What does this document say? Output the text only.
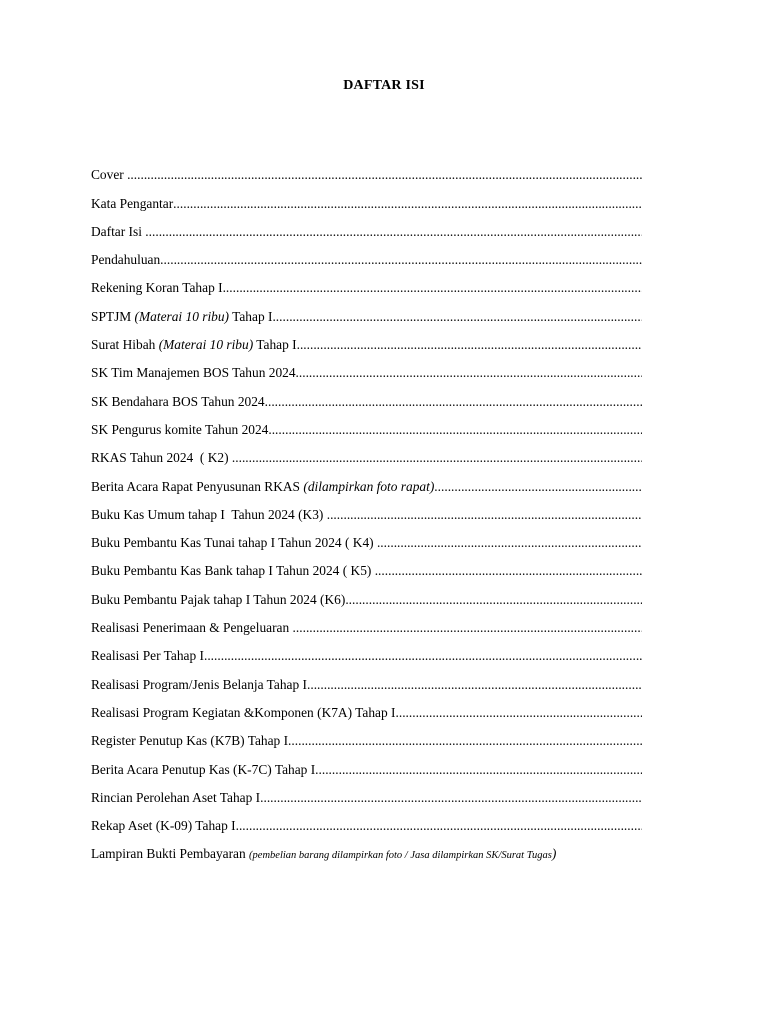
DAFTAR ISI
Cover
.....
Kata Pengantar
.....
Daftar Isi
.....
Pendahuluan
.....
Rekening Koran Tahap I
.....
SPTJM (Materai 10 ribu) Tahap I
.....
Surat Hibah (Materai 10 ribu) Tahap I
.....
SK Tim Manajemen BOS Tahun 2024
.....
SK Bendahara BOS Tahun 2024
.....
SK Pengurus komite Tahun 2024
.....
RKAS Tahun 2024  ( K2)
.....
Berita Acara Rapat Penyusunan RKAS (dilampirkan foto rapat)
.....
Buku Kas Umum tahap I  Tahun 2024 (K3)
.....
Buku Pembantu Kas Tunai tahap I Tahun 2024 ( K4)
.....
Buku Pembantu Kas Bank tahap I Tahun 2024 ( K5)
.....
Buku Pembantu Pajak tahap I Tahun 2024 (K6)
.....
Realisasi Penerimaan & Pengeluaran
.....
Realisasi Per Tahap I
.....
Realisasi Program/Jenis Belanja Tahap I
.....
Realisasi Program Kegiatan &Komponen (K7A) Tahap I
.....
Register Penutup Kas (K7B) Tahap I
.....
Berita Acara Penutup Kas (K-7C) Tahap I
.....
Rincian Perolehan Aset Tahap I
.....
Rekap Aset (K-09) Tahap I
.....
Lampiran Bukti Pembayaran (pembelian barang dilampirkan foto / Jasa dilampirkan SK/Surat Tugas)
